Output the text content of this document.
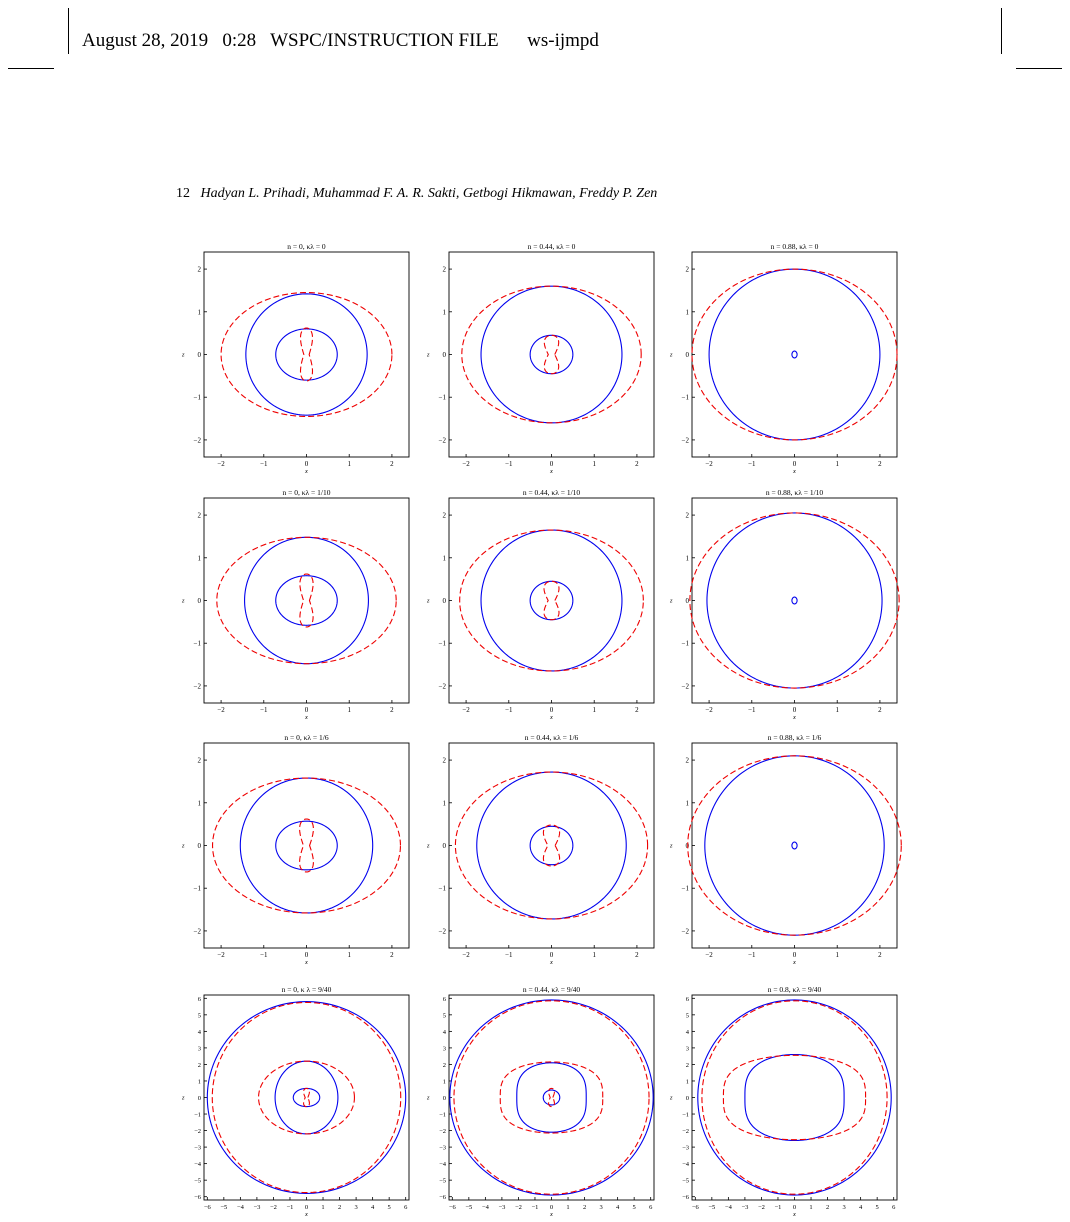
August 28, 2019 0:28 WSPC/INSTRUCTION FILE ws-ijmpd
12 Hadyan L. Prihadi, Muhammad F. A. R. Sakti, Getbogi Hikmawan, Freddy P. Zen
n = 0, κλ = 0
−2	−1	0	1	2
−2
−1
0
1
2
x
z
n = 0.44, κλ = 0
−2	−1	0	1	2
−2
−1
0
1
2
x
z
n = 0.88, κλ = 0
−2	−1	0	1	2
−2
−1
0
1
2
x
z
n = 0, κλ = 1/10
−2	−1	0	1	2
−2
−1
0
1
2
x
z
n = 0.44, κλ = 1/10
−2	−1	0	1	2
−2
−1
0
1
2
x
z
n = 0.88, κλ = 1/10
−2	−1	0	1	2
−2
−1
0
1
2
x
z
n = 0, κλ = 1/6
−2	−1	0	1	2
−2
−1
0
1
2
x
z
n = 0.44, κλ = 1/6
−2	−1	0	1	2
−2
−1
0
1
2
x
z
n = 0.88, κλ = 1/6
−2	−1	0	1	2
−2
−1
0
1
2
x
z
n = 0, κ λ = 9/40
−6 −5 −4 −3 −2 −1 0 1 2 3 4 5 6
−6
−5
−4
−3
−2
−1
0
1
2
3
4
5
6
x
z
n = 0.44, κλ = 9/40
−6 −5 −4 −3 −2 −1 0 1 2 3 4 5 6
−6
−5
−4
−3
−2
−1
0
1
2
3
4
5
6
x
z
n = 0.8, κλ = 9/40
−6 −5 −4 −3 −2 −1 0 1 2 3 4 5 6
−6
−5
−4
−3
−2
−1
0
1
2
3
4
5
6
x
z
